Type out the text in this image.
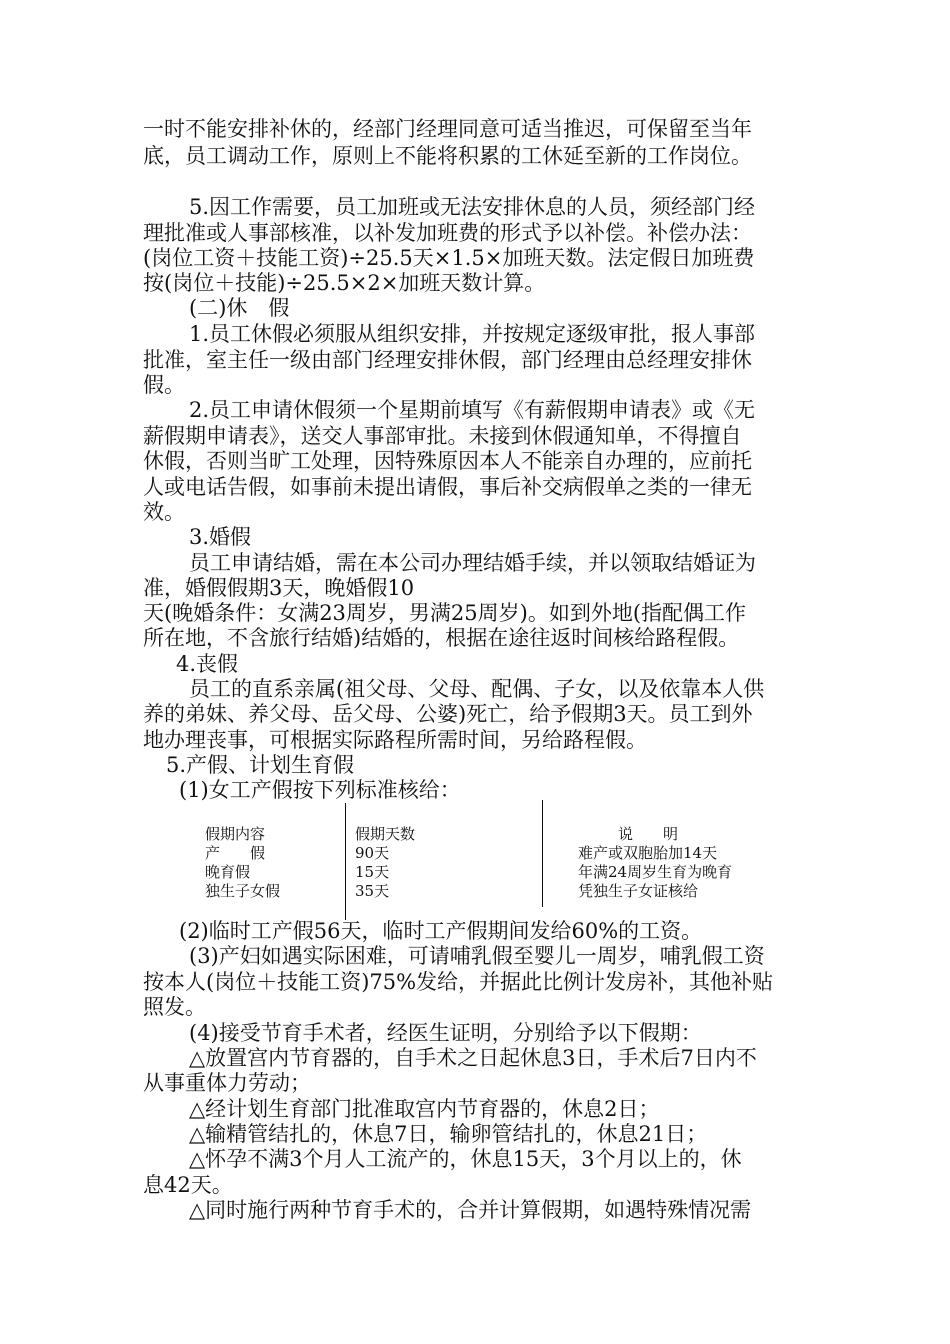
一时不能安排补休的，经部门经理同意可适当推迟，可保留至当年
底，员工调动工作，原则上不能将积累的工休延至新的工作岗位。
5.因工作需要，员工加班或无法安排休息的人员，须经部门经
理批准或人事部核准，以补发加班费的形式予以补偿。补偿办法：
(岗位工资＋技能工资)÷25.5天×1.5×加班天数。法定假日加班费
按(岗位＋技能)÷25.5×2×加班天数计算。
(二)休　假
1.员工休假必须服从组织安排，并按规定逐级审批，报人事部
批准，室主任一级由部门经理安排休假，部门经理由总经理安排休
假。
2.员工申请休假须一个星期前填写《有薪假期申请表》或《无
薪假期申请表》，送交人事部审批。未接到休假通知单，不得擅自
休假，否则当旷工处理，因特殊原因本人不能亲自办理的，应前托
人或电话告假，如事前未提出请假，事后补交病假单之类的一律无
效。
3.婚假
员工申请结婚，需在本公司办理结婚手续，并以领取结婚证为
准，婚假假期3天，晚婚假10
天(晚婚条件：女满23周岁，男满25周岁)。如到外地(指配偶工作
所在地，不含旅行结婚)结婚的，根据在途往返时间核给路程假。
4.丧假
员工的直系亲属(祖父母、父母、配偶、子女，以及依靠本人供
养的弟妹、养父母、岳父母、公婆)死亡，给予假期3天。员工到外
地办理丧事，可根据实际路程所需时间，另给路程假。
5.产假、计划生育假
(1)女工产假按下列标准核给：
假期内容	假期天数	说　　明
产　　假	90天	难产或双胞胎加14天
晚育假	15天	年满24周岁生育为晚育
独生子女假	35天	凭独生子女证核给
(2)临时工产假56天，临时工产假期间发给60%的工资。
(3)产妇如遇实际困难，可请哺乳假至婴儿一周岁，哺乳假工资
按本人(岗位＋技能工资)75%发给，并据此比例计发房补，其他补贴
照发。
(4)接受节育手术者，经医生证明，分别给予以下假期：
△放置宫内节育器的，自手术之日起休息3日，手术后7日内不
从事重体力劳动；
△经计划生育部门批准取宫内节育器的，休息2日；
△输精管结扎的，休息7日，输卵管结扎的，休息21日；
△怀孕不满3个月人工流产的，休息15天，3个月以上的，休
息42天。
△同时施行两种节育手术的，合并计算假期，如遇特殊情况需
